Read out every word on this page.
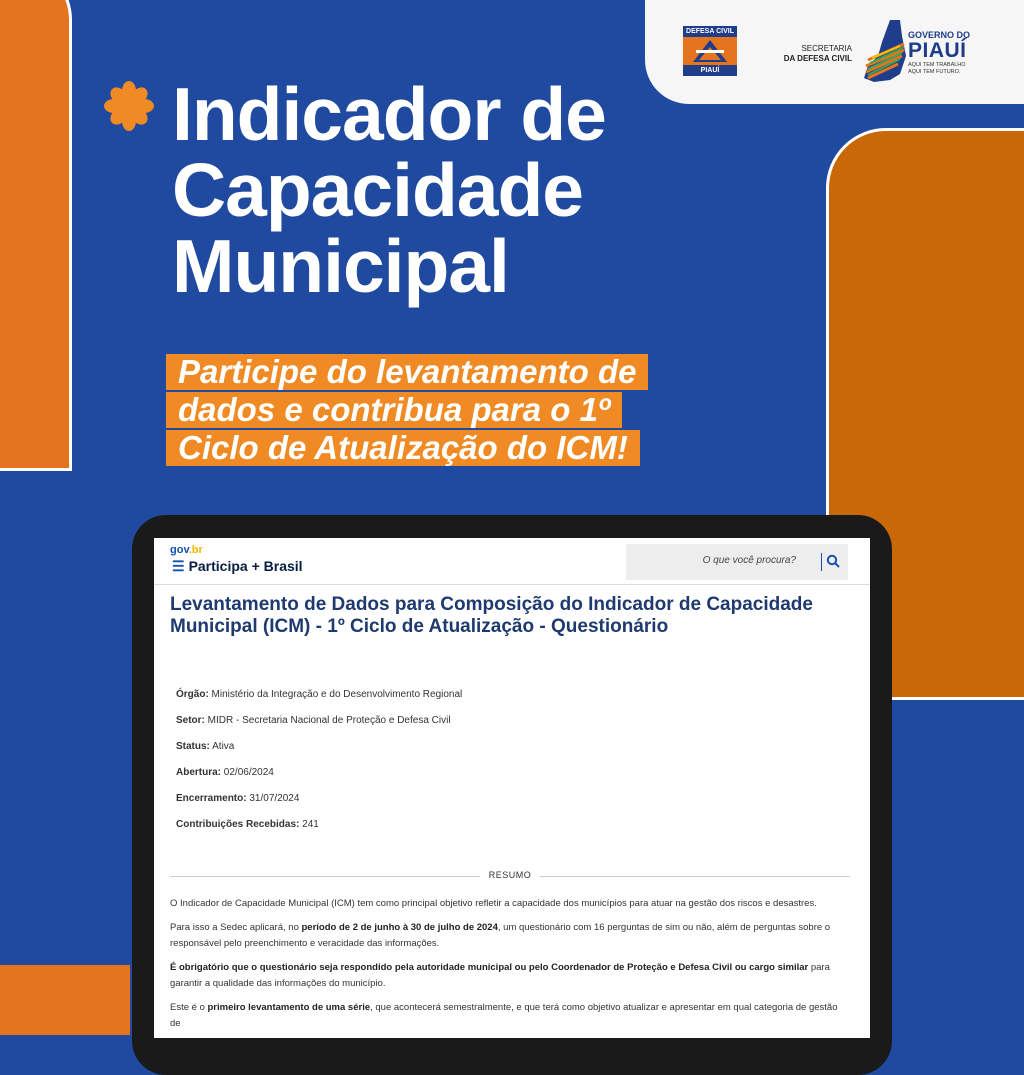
DEFESA CIVIL
PIAUÍ
SECRETARIA
DA DEFESA CIVIL
GOVERNO DO
PIAUÍ
AQUI TEM TRABALHO
AQUI TEM FUTURO.
Indicador de
Capacidade
Municipal
Participe do levantamento de
dados e contribua para o 1º
Ciclo de Atualização do ICM!
gov.br
☰ Participa + Brasil	O que você procura?
Levantamento de Dados para Composição do Indicador de Capacidade Municipal (ICM) - 1º Ciclo de Atualização - Questionário
Órgão: Ministério da Integração e do Desenvolvimento Regional
Setor: MIDR - Secretaria Nacional de Proteção e Defesa Civil
Status: Ativa
Abertura: 02/06/2024
Encerramento: 31/07/2024
Contribuições Recebidas: 241
RESUMO

O Indicador de Capacidade Municipal (ICM) tem como principal objetivo refletir a capacidade dos municípios para atuar na gestão dos riscos e desastres.

Para isso a Sedec aplicará, no período de 2 de junho à 30 de julho de 2024, um questionário com 16 perguntas de sim ou não, além de perguntas sobre o responsável pelo preenchimento e veracidade das informações.

É obrigatório que o questionário seja respondido pela autoridade municipal ou pelo Coordenador de Proteção e Defesa Civil ou cargo similar para garantir a qualidade das informações do município.

Este é o primeiro levantamento de uma série, que acontecerá semestralmente, e que terá como objetivo atualizar e apresentar em qual categoria de gestão de
